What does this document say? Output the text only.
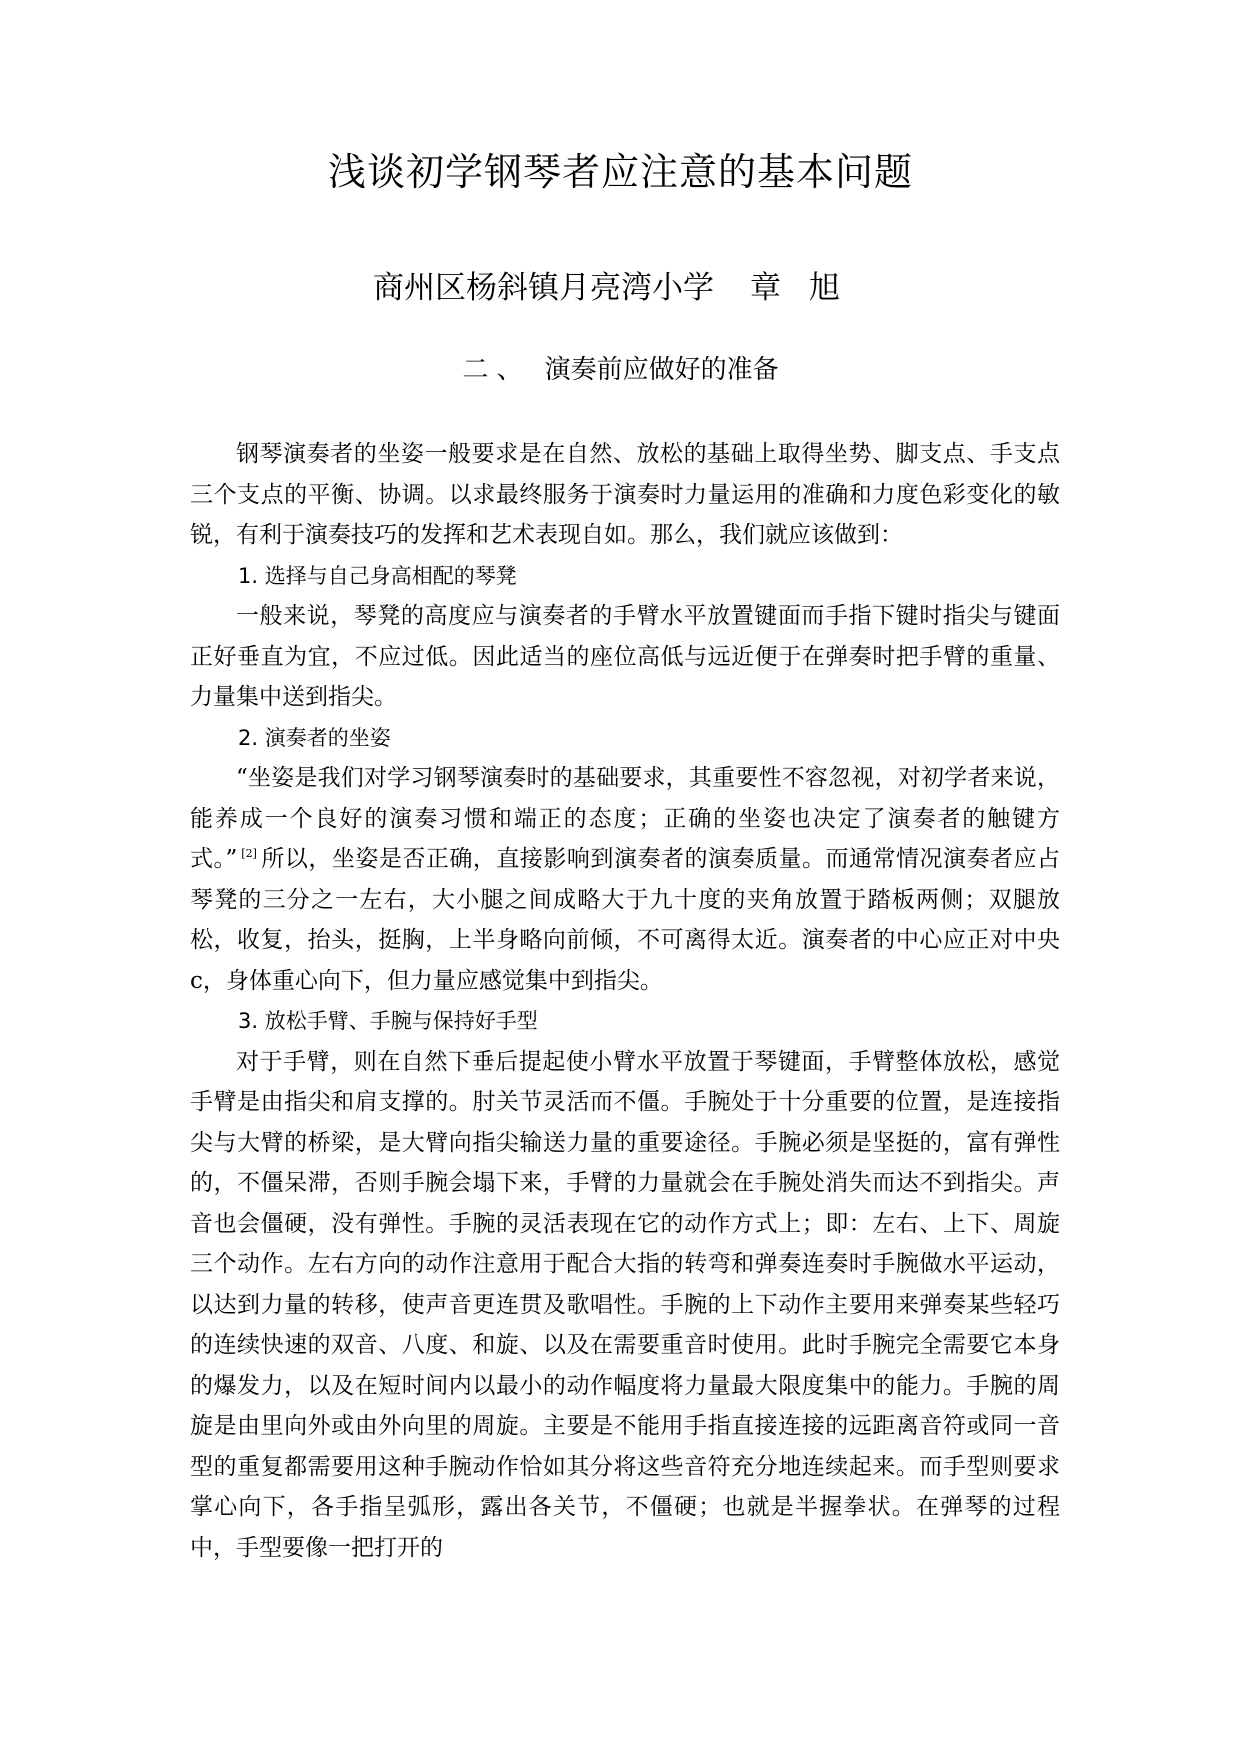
浅谈初学钢琴者应注意的基本问题
商州区杨斜镇月亮湾小学 章旭
二 、 演奏前应做好的准备

钢琴演奏者的坐姿一般要求是在自然、放松的基础上取得坐势、脚支点、手支点三个支点的平衡、协调。以求最终服务于演奏时力量运用的准确和力度色彩变化的敏锐，有利于演奏技巧的发挥和艺术表现自如。那么，我们就应该做到：

1. 选择与自己身高相配的琴凳

一般来说，琴凳的高度应与演奏者的手臂水平放置键面而手指下键时指尖与键面正好垂直为宜，不应过低。因此适当的座位高低与远近便于在弹奏时把手臂的重量、力量集中送到指尖。

2. 演奏者的坐姿

“坐姿是我们对学习钢琴演奏时的基础要求，其重要性不容忽视，对初学者来说，能养成一个良好的演奏习惯和端正的态度；正确的坐姿也决定了演奏者的触键方式。” [2] 所以，坐姿是否正确，直接影响到演奏者的演奏质量。而通常情况演奏者应占琴凳的三分之一左右，大小腿之间成略大于九十度的夹角放置于踏板两侧；双腿放松，收复，抬头，挺胸，上半身略向前倾，不可离得太近。演奏者的中心应正对中央 c，身体重心向下，但力量应感觉集中到指尖。

3. 放松手臂、手腕与保持好手型

对于手臂，则在自然下垂后提起使小臂水平放置于琴键面，手臂整体放松，感觉手臂是由指尖和肩支撑的。肘关节灵活而不僵。手腕处于十分重要的位置，是连接指尖与大臂的桥梁，是大臂向指尖输送力量的重要途径。手腕必须是坚挺的，富有弹性的，不僵呆滞，否则手腕会塌下来，手臂的力量就会在手腕处消失而达不到指尖。声音也会僵硬，没有弹性。手腕的灵活表现在它的动作方式上；即：左右、上下、周旋三个动作。左右方向的动作注意用于配合大指的转弯和弹奏连奏时手腕做水平运动，以达到力量的转移，使声音更连贯及歌唱性。手腕的上下动作主要用来弹奏某些轻巧的连续快速的双音、八度、和旋、以及在需要重音时使用。此时手腕完全需要它本身的爆发力，以及在短时间内以最小的动作幅度将力量最大限度集中的能力。手腕的周旋是由里向外或由外向里的周旋。主要是不能用手指直接连接的远距离音符或同一音型的重复都需要用这种手腕动作恰如其分将这些音符充分地连续起来。而手型则要求掌心向下，各手指呈弧形，露出各关节，不僵硬；也就是半握拳状。在弹琴的过程中，手型要像一把打开的
